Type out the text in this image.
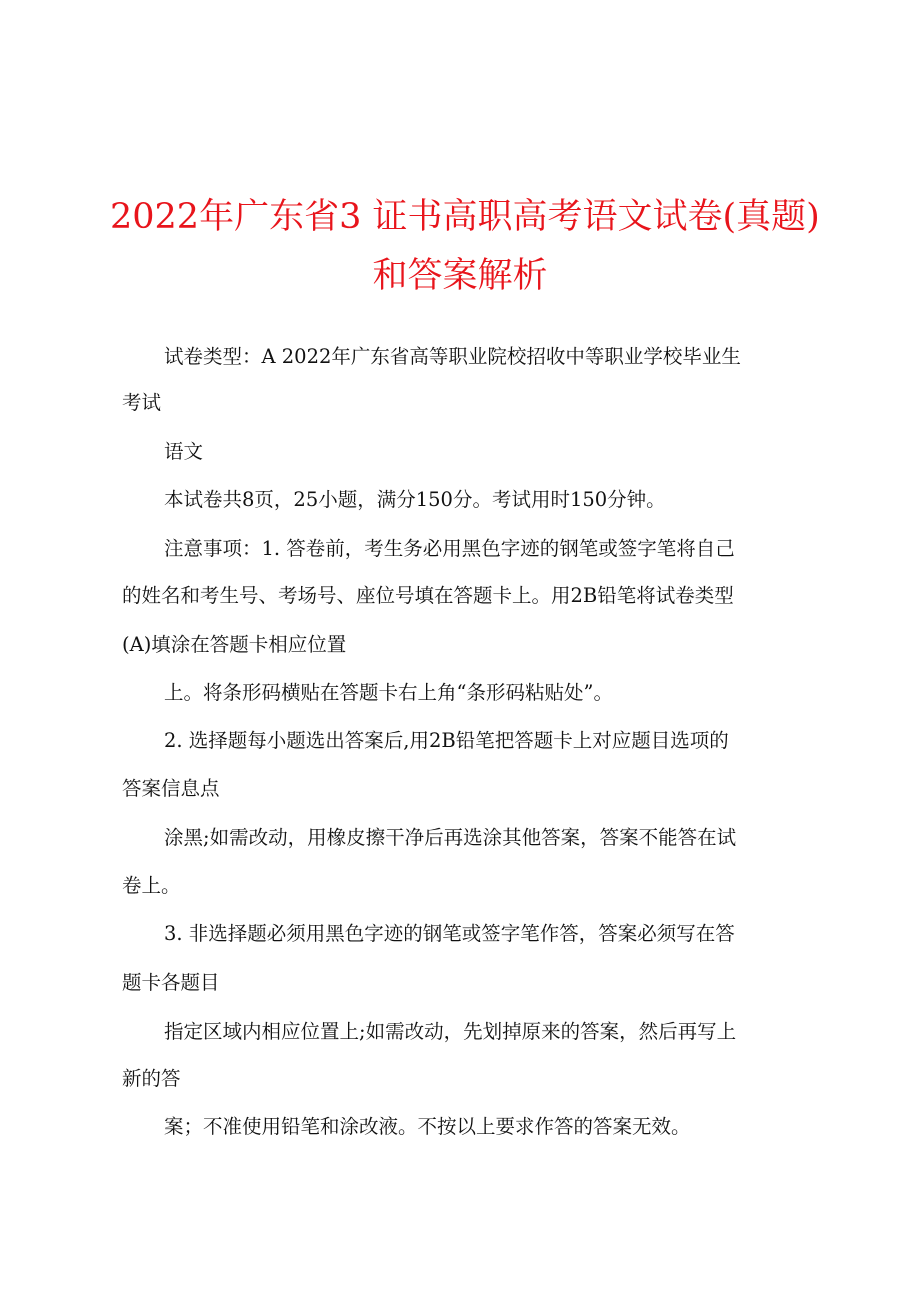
2022年广东省3 证书高职高考语文试卷(真题)
和答案解析
试卷类型：A 2022年广东省高等职业院校招收中等职业学校毕业生
考试
语文
本试卷共8页，25小题，满分150分。考试用时150分钟。
注意事项：1. 答卷前，考生务必用黑色字迹的钢笔或签字笔将自己
的姓名和考生号、考场号、座位号填在答题卡上。用2B铅笔将试卷类型
(A)填涂在答题卡相应位置
上。将条形码横贴在答题卡右上角“条形码粘贴处”。
2. 选择题每小题选出答案后,用2B铅笔把答题卡上对应题目选项的
答案信息点
涂黑;如需改动，用橡皮擦干净后再选涂其他答案，答案不能答在试
卷上。
3. 非选择题必须用黑色字迹的钢笔或签字笔作答，答案必须写在答
题卡各题目
指定区域内相应位置上;如需改动，先划掉原来的答案，然后再写上
新的答
案；不准使用铅笔和涂改液。不按以上要求作答的答案无效。
